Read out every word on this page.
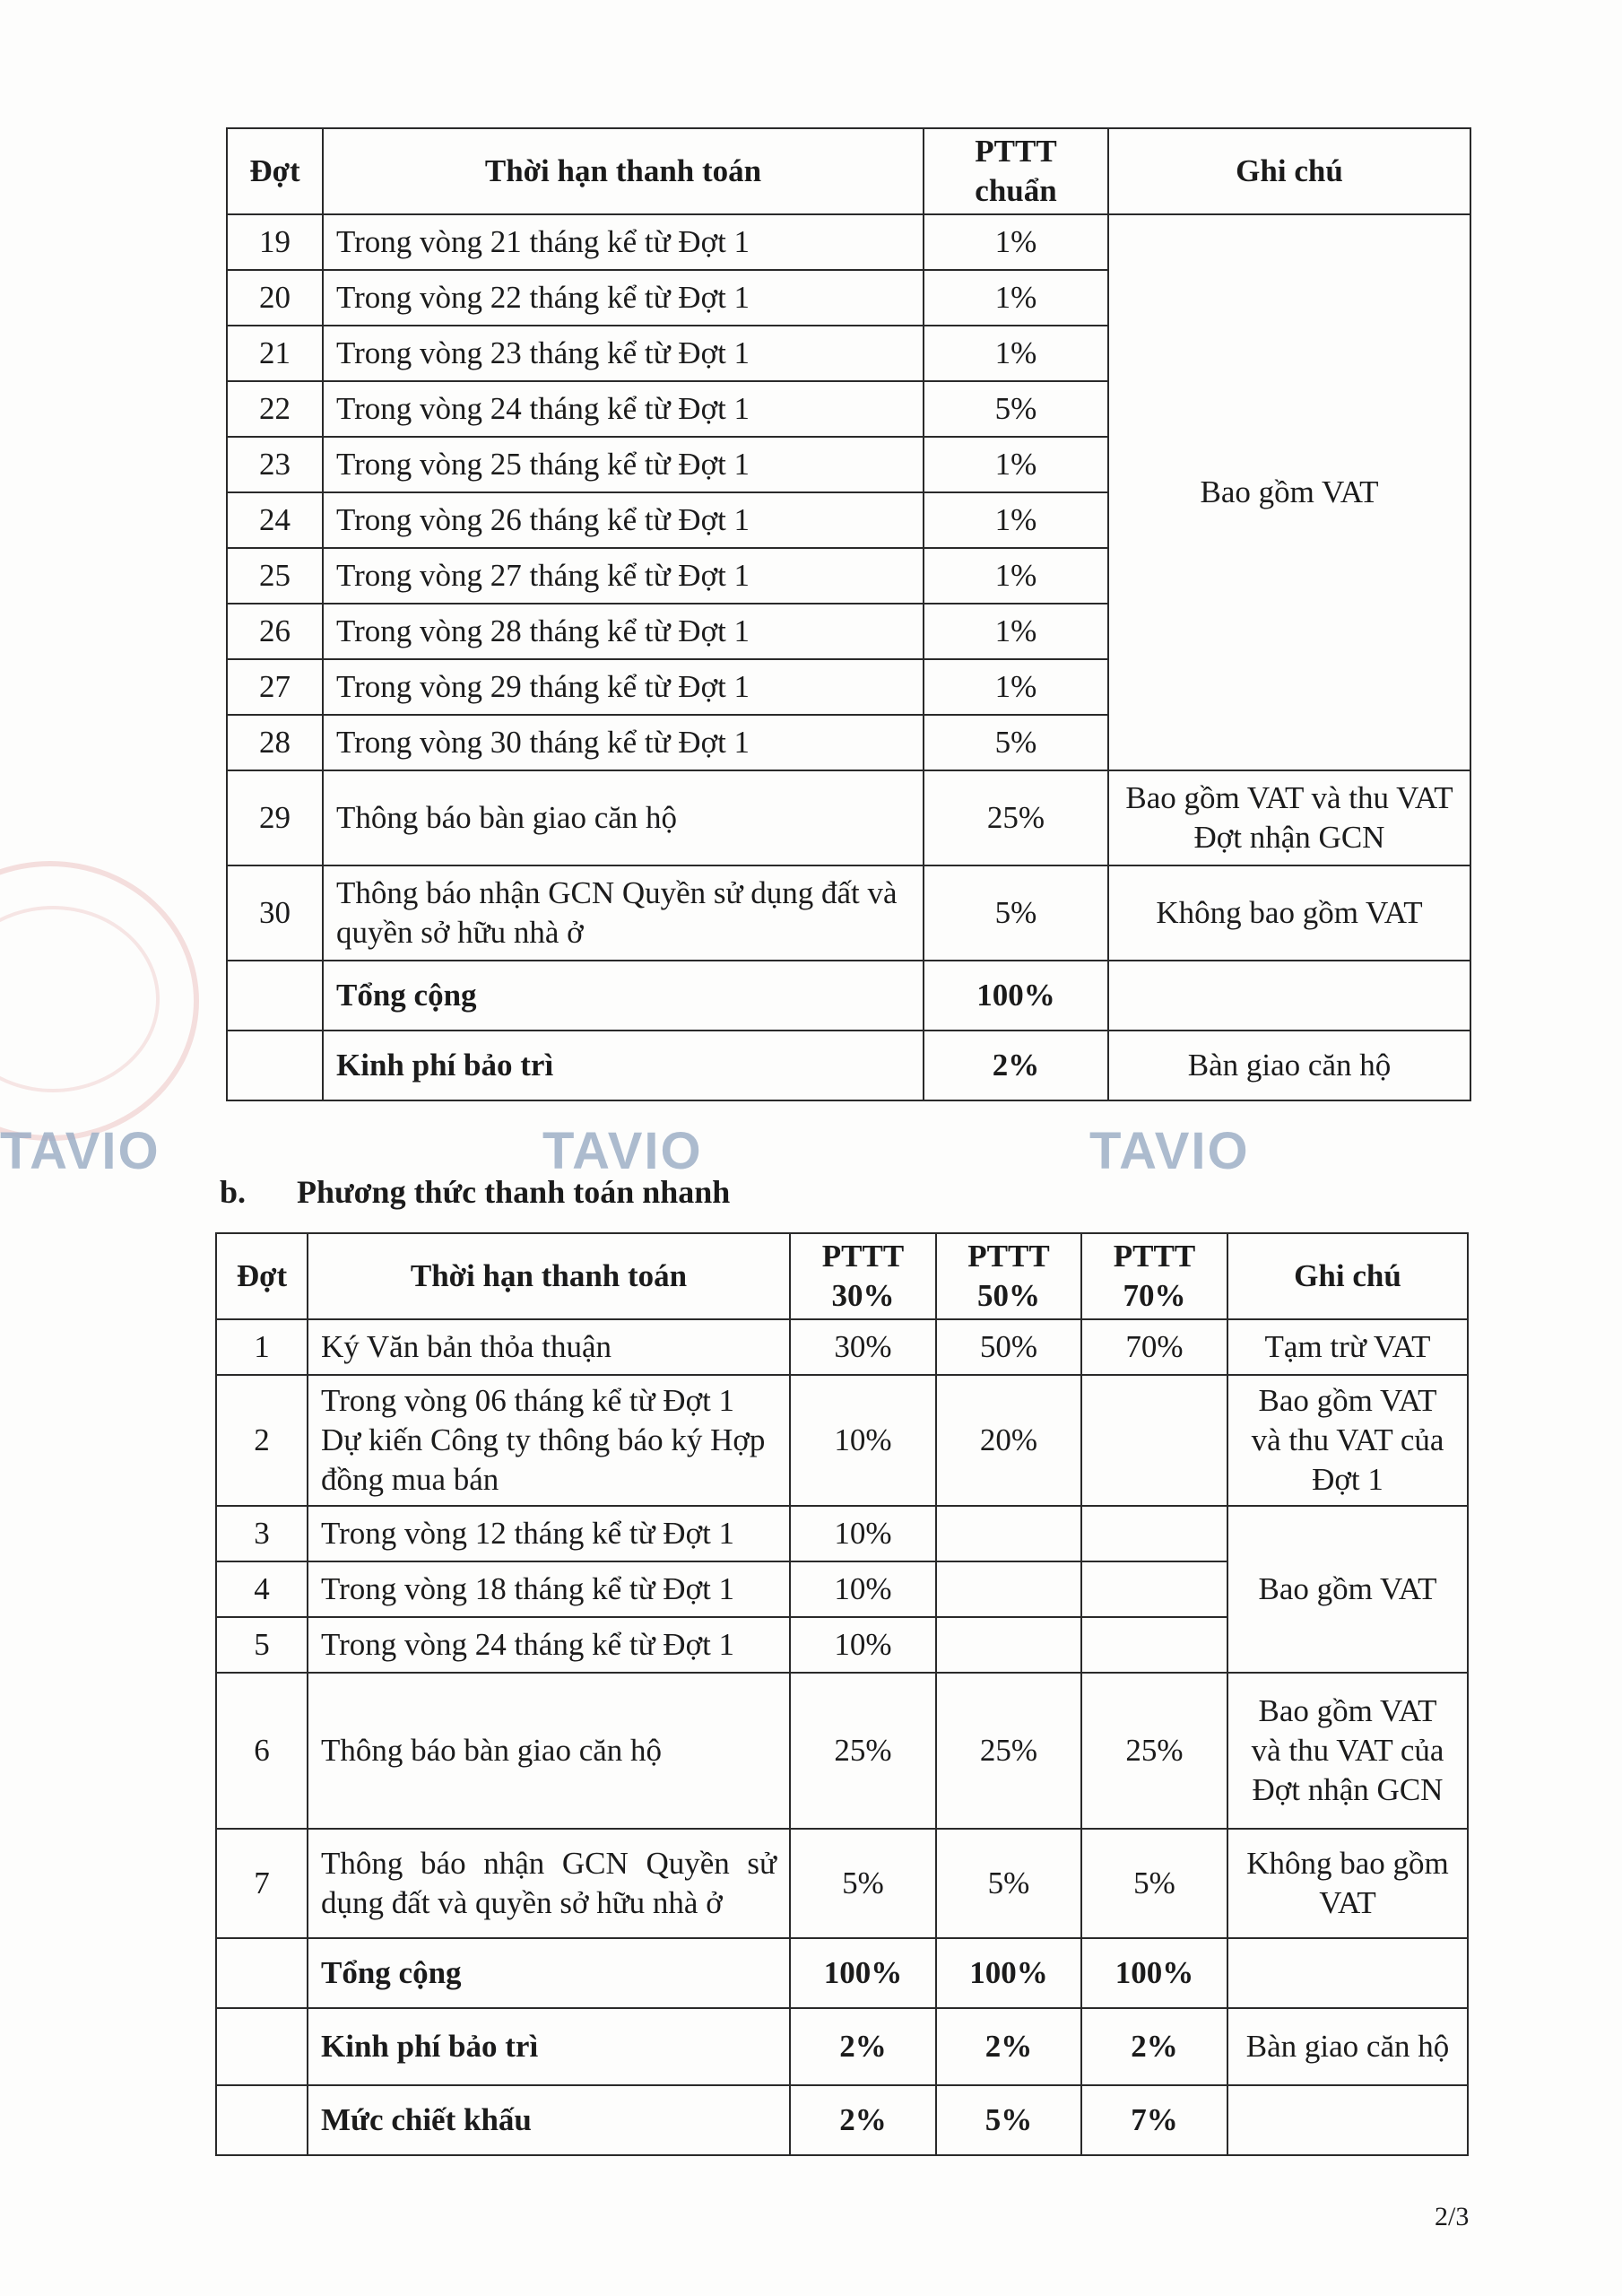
Đợt	Thời hạn thanh toán	PTTT chuẩn	Ghi chú
19	Trong vòng 21 tháng kể từ Đợt 1	1%	Bao gồm VAT
20	Trong vòng 22 tháng kể từ Đợt 1	1%	
21	Trong vòng 23 tháng kể từ Đợt 1	1%	
22	Trong vòng 24 tháng kể từ Đợt 1	5%	
23	Trong vòng 25 tháng kể từ Đợt 1	1%	
24	Trong vòng 26 tháng kể từ Đợt 1	1%	
25	Trong vòng 27 tháng kể từ Đợt 1	1%	
26	Trong vòng 28 tháng kể từ Đợt 1	1%	
27	Trong vòng 29 tháng kể từ Đợt 1	1%	
28	Trong vòng 30 tháng kể từ Đợt 1	5%	
29	Thông báo bàn giao căn hộ	25%	Bao gồm VAT và thu VAT Đợt nhận GCN
30	Thông báo nhận GCN Quyền sử dụng đất và quyền sở hữu nhà ở	5%	Không bao gồm VAT
	Tổng cộng	100%	
	Kinh phí bảo trì	2%	Bàn giao căn hộ
TAVIO	TAVIO	TAVIO
b. Phương thức thanh toán nhanh
Đợt	Thời hạn thanh toán	PTTT 30%	PTTT 50%	PTTT 70%	Ghi chú
1	Ký Văn bản thỏa thuận	30%	50%	70%	Tạm trừ VAT
2	Trong vòng 06 tháng kể từ Đợt 1 Dự kiến Công ty thông báo ký Hợp đồng mua bán	10%	20%		Bao gồm VAT và thu VAT của Đợt 1
3	Trong vòng 12 tháng kể từ Đợt 1	10%			Bao gồm VAT
4	Trong vòng 18 tháng kể từ Đợt 1	10%			
5	Trong vòng 24 tháng kể từ Đợt 1	10%			
6	Thông báo bàn giao căn hộ	25%	25%	25%	Bao gồm VAT và thu VAT của Đợt nhận GCN
7	Thông báo nhận GCN Quyền sử dụng đất và quyền sở hữu nhà ở	5%	5%	5%	Không bao gồm VAT
	Tổng cộng	100%	100%	100%	
	Kinh phí bảo trì	2%	2%	2%	Bàn giao căn hộ
	Mức chiết khấu	2%	5%	7%	
2/3
